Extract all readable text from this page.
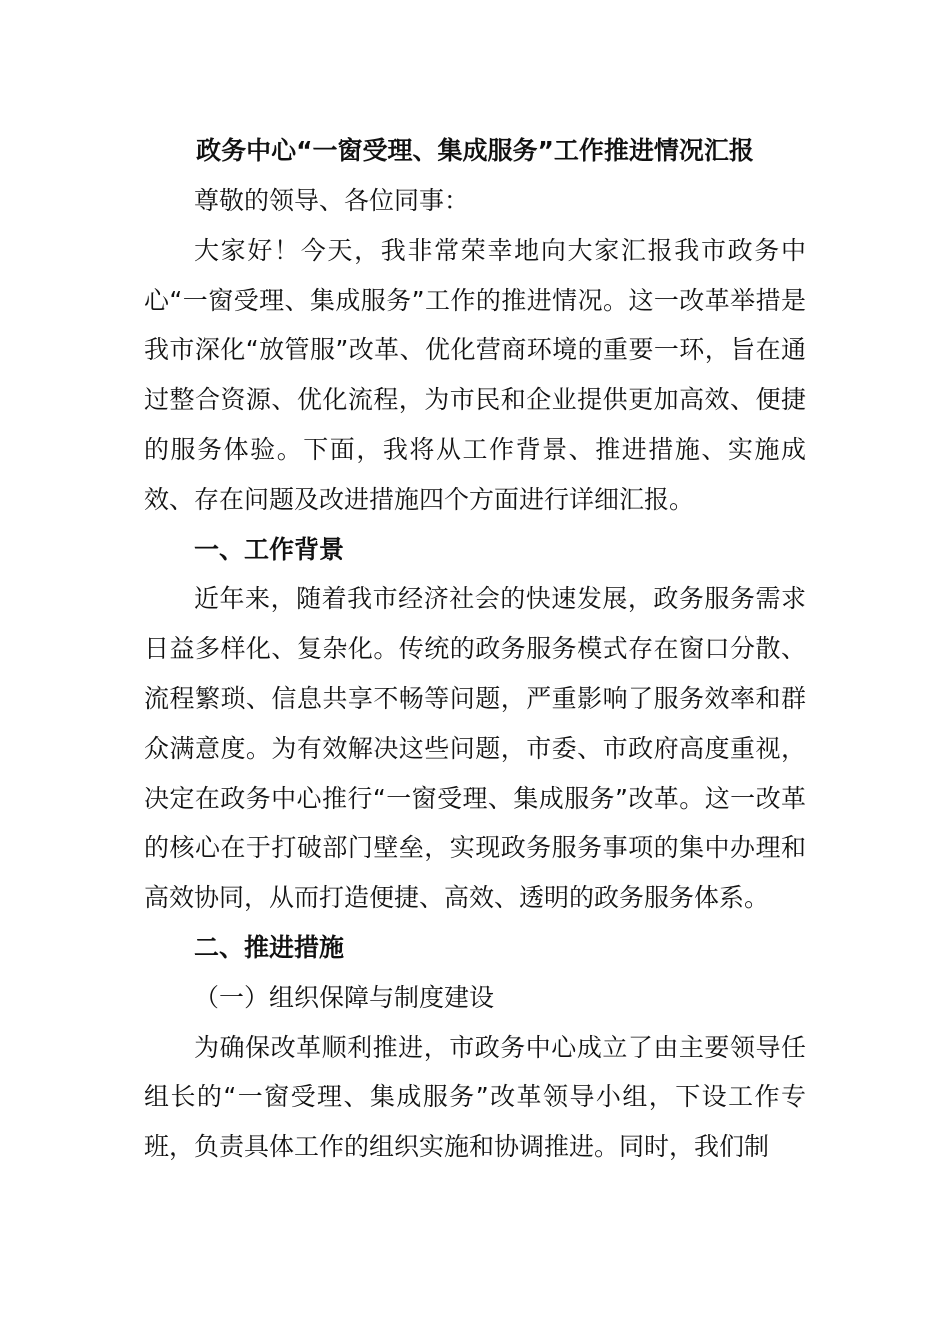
政务中心“一窗受理、集成服务”工作推进情况汇报

尊敬的领导、各位同事：

大家好！今天，我非常荣幸地向大家汇报我市政务中心“一窗受理、集成服务”工作的推进情况。这一改革举措是我市深化“放管服”改革、优化营商环境的重要一环，旨在通过整合资源、优化流程，为市民和企业提供更加高效、便捷的服务体验。下面，我将从工作背景、推进措施、实施成效、存在问题及改进措施四个方面进行详细汇报。

一、工作背景

近年来，随着我市经济社会的快速发展，政务服务需求日益多样化、复杂化。传统的政务服务模式存在窗口分散、流程繁琐、信息共享不畅等问题，严重影响了服务效率和群众满意度。为有效解决这些问题，市委、市政府高度重视，决定在政务中心推行“一窗受理、集成服务”改革。这一改革的核心在于打破部门壁垒，实现政务服务事项的集中办理和高效协同，从而打造便捷、高效、透明的政务服务体系。

二、推进措施

（一）组织保障与制度建设

为确保改革顺利推进，市政务中心成立了由主要领导任组长的“一窗受理、集成服务”改革领导小组，下设工作专班，负责具体工作的组织实施和协调推进。同时，我们制
